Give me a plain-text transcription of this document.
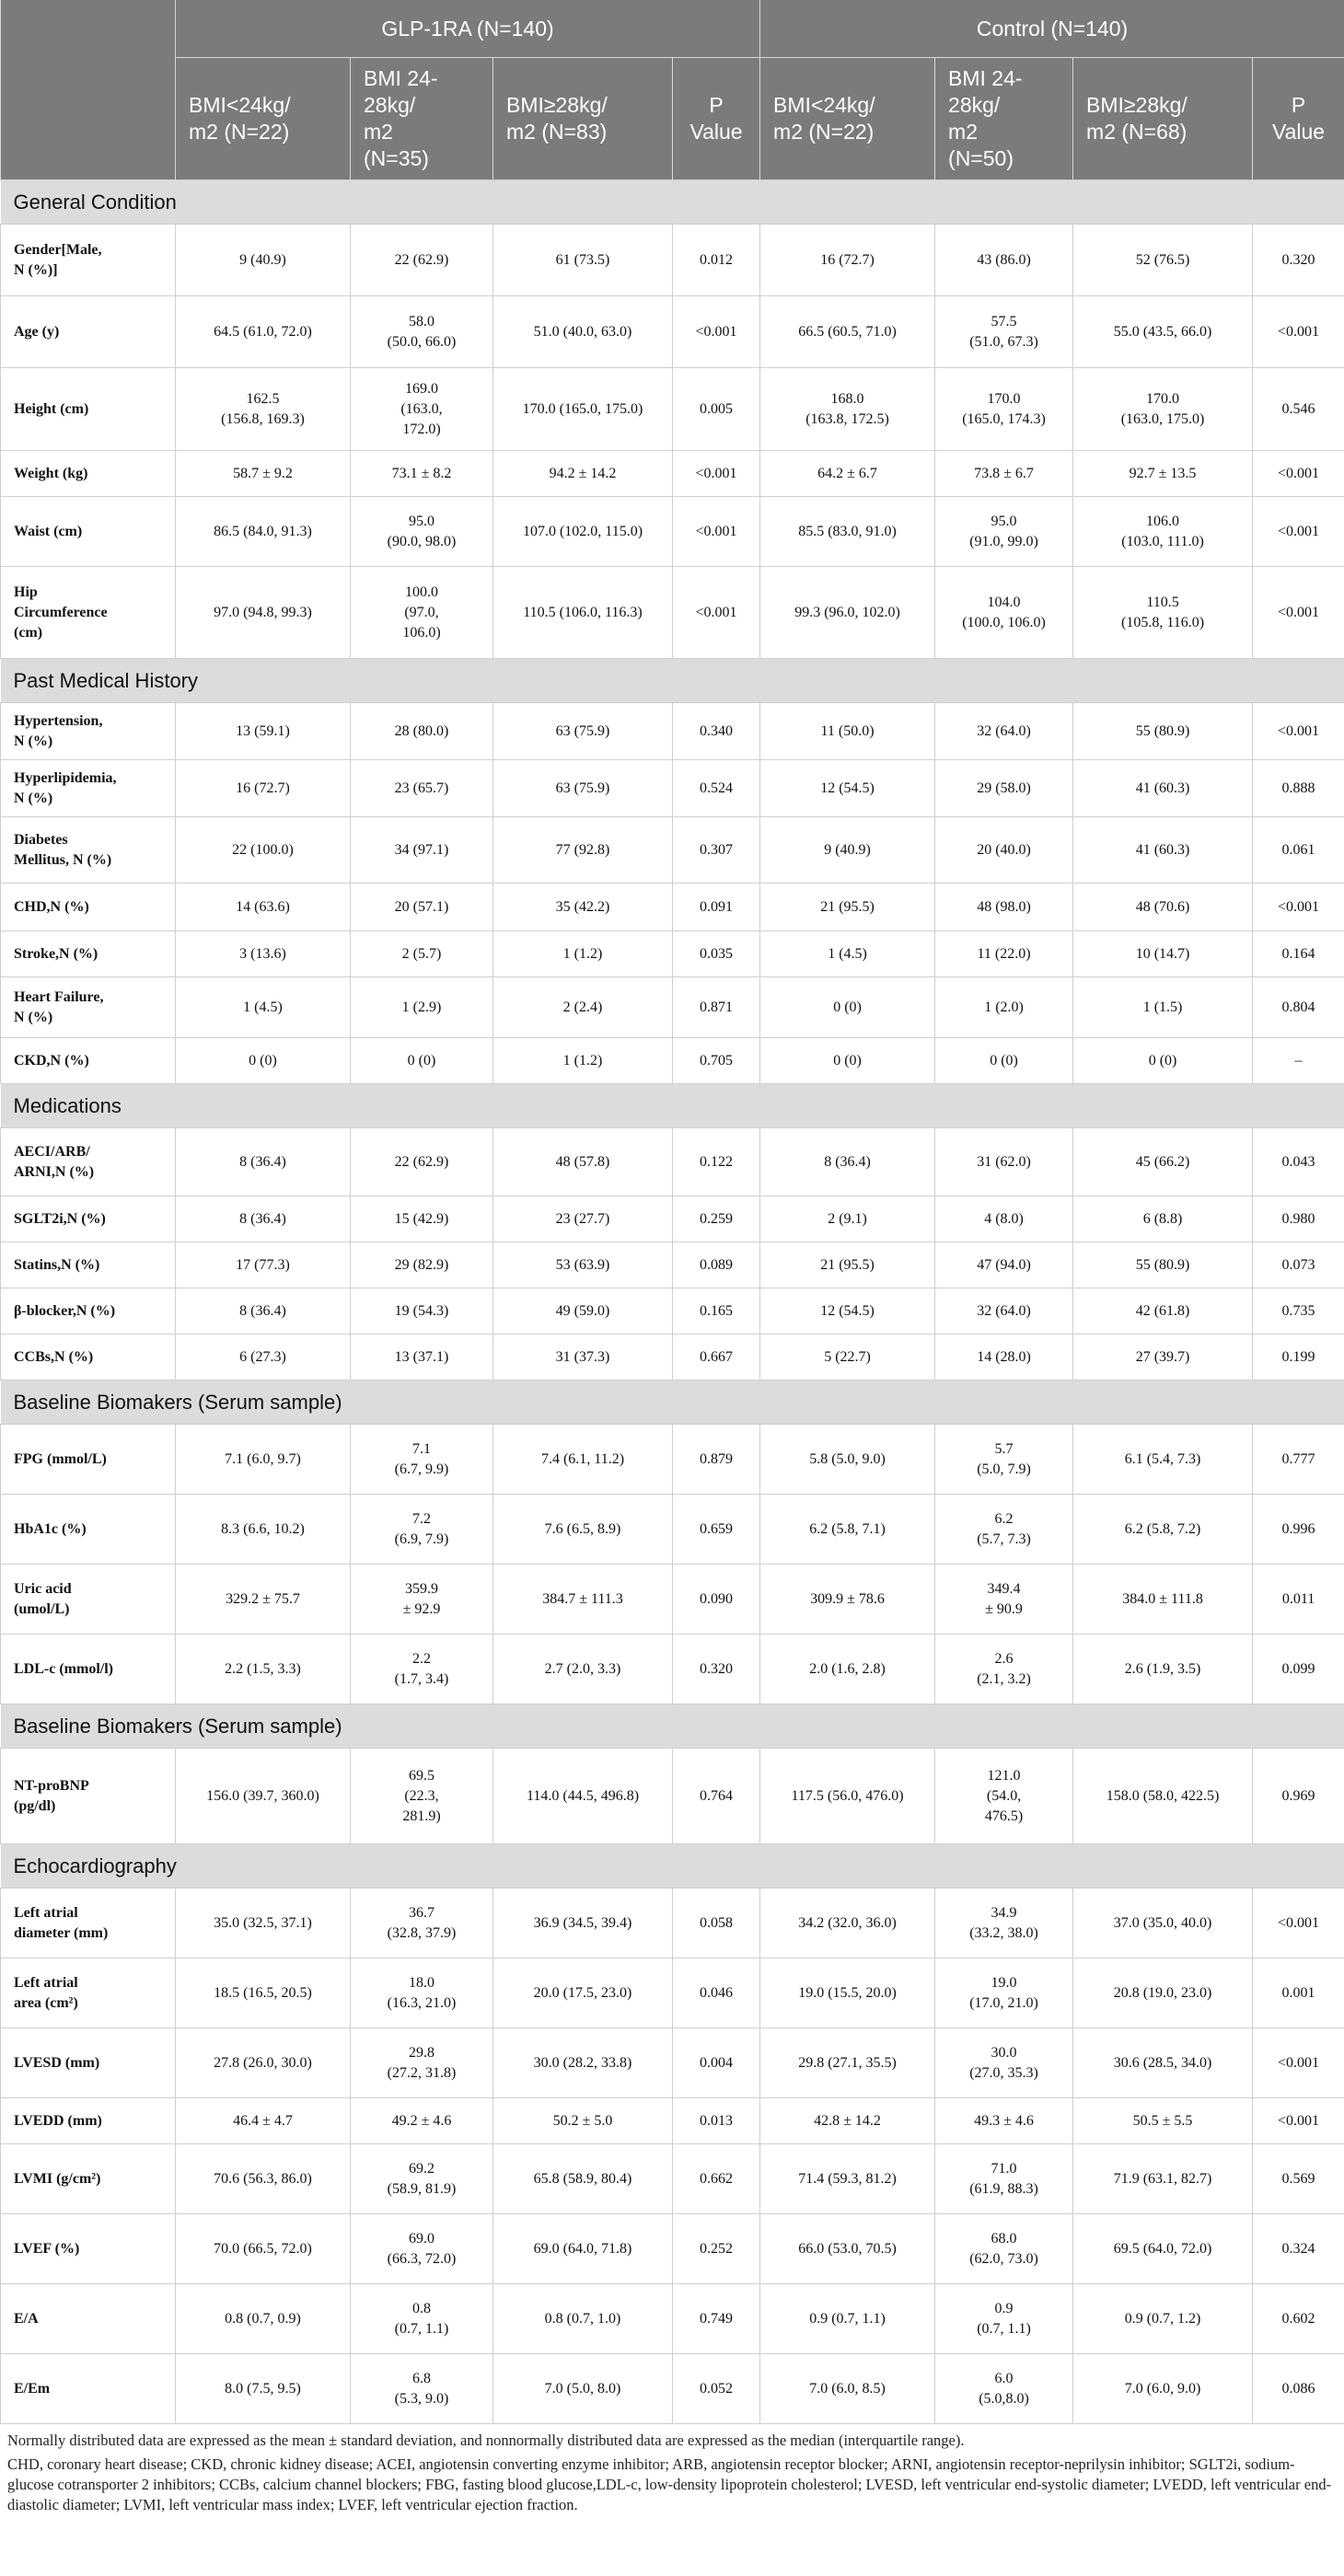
	GLP-1RA (N=140)				Control (N=140)			
	BMI<24kg/
m2 (N=22)	BMI 24-
28kg/
m2
(N=35)	BMI≥28kg/
m2 (N=83)	P
Value	BMI<24kg/
m2 (N=22)	BMI 24-
28kg/
m2
(N=50)	BMI≥28kg/
m2 (N=68)	P
Value
General Condition								
Gender[Male,
N (%)]	9 (40.9)	22 (62.9)	61 (73.5)	0.012	16 (72.7)	43 (86.0)	52 (76.5)	0.320
Age (y)	64.5 (61.0, 72.0)	58.0
(50.0, 66.0)	51.0 (40.0, 63.0)	<0.001	66.5 (60.5, 71.0)	57.5
(51.0, 67.3)	55.0 (43.5, 66.0)	<0.001
Height (cm)	162.5
(156.8, 169.3)	169.0
(163.0,
172.0)	170.0 (165.0, 175.0)	0.005	168.0
(163.8, 172.5)	170.0
(165.0, 174.3)	170.0
(163.0, 175.0)	0.546
Weight (kg)	58.7 ± 9.2	73.1 ± 8.2	94.2 ± 14.2	<0.001	64.2 ± 6.7	73.8 ± 6.7	92.7 ± 13.5	<0.001
Waist (cm)	86.5 (84.0, 91.3)	95.0
(90.0, 98.0)	107.0 (102.0, 115.0)	<0.001	85.5 (83.0, 91.0)	95.0
(91.0, 99.0)	106.0
(103.0, 111.0)	<0.001
Hip
Circumference
(cm)	97.0 (94.8, 99.3)	100.0
(97.0,
106.0)	110.5 (106.0, 116.3)	<0.001	99.3 (96.0, 102.0)	104.0
(100.0, 106.0)	110.5
(105.8, 116.0)	<0.001
Past Medical History								
Hypertension,
N (%)	13 (59.1)	28 (80.0)	63 (75.9)	0.340	11 (50.0)	32 (64.0)	55 (80.9)	<0.001
Hyperlipidemia,
N (%)	16 (72.7)	23 (65.7)	63 (75.9)	0.524	12 (54.5)	29 (58.0)	41 (60.3)	0.888
Diabetes
Mellitus, N (%)	22 (100.0)	34 (97.1)	77 (92.8)	0.307	9 (40.9)	20 (40.0)	41 (60.3)	0.061
CHD,N (%)	14 (63.6)	20 (57.1)	35 (42.2)	0.091	21 (95.5)	48 (98.0)	48 (70.6)	<0.001
Stroke,N (%)	3 (13.6)	2 (5.7)	1 (1.2)	0.035	1 (4.5)	11 (22.0)	10 (14.7)	0.164
Heart Failure,
N (%)	1 (4.5)	1 (2.9)	2 (2.4)	0.871	0 (0)	1 (2.0)	1 (1.5)	0.804
CKD,N (%)	0 (0)	0 (0)	1 (1.2)	0.705	0 (0)	0 (0)	0 (0)	–
Medications								
AECI/ARB/
ARNI,N (%)	8 (36.4)	22 (62.9)	48 (57.8)	0.122	8 (36.4)	31 (62.0)	45 (66.2)	0.043
SGLT2i,N (%)	8 (36.4)	15 (42.9)	23 (27.7)	0.259	2 (9.1)	4 (8.0)	6 (8.8)	0.980
Statins,N (%)	17 (77.3)	29 (82.9)	53 (63.9)	0.089	21 (95.5)	47 (94.0)	55 (80.9)	0.073
β-blocker,N (%)	8 (36.4)	19 (54.3)	49 (59.0)	0.165	12 (54.5)	32 (64.0)	42 (61.8)	0.735
CCBs,N (%)	6 (27.3)	13 (37.1)	31 (37.3)	0.667	5 (22.7)	14 (28.0)	27 (39.7)	0.199
Baseline Biomakers (Serum sample)								
FPG (mmol/L)	7.1 (6.0, 9.7)	7.1
(6.7, 9.9)	7.4 (6.1, 11.2)	0.879	5.8 (5.0, 9.0)	5.7
(5.0, 7.9)	6.1 (5.4, 7.3)	0.777
HbA1c (%)	8.3 (6.6, 10.2)	7.2
(6.9, 7.9)	7.6 (6.5, 8.9)	0.659	6.2 (5.8, 7.1)	6.2
(5.7, 7.3)	6.2 (5.8, 7.2)	0.996
Uric acid
(umol/L)	329.2 ± 75.7	359.9
± 92.9	384.7 ± 111.3	0.090	309.9 ± 78.6	349.4
± 90.9	384.0 ± 111.8	0.011
LDL-c (mmol/l)	2.2 (1.5, 3.3)	2.2
(1.7, 3.4)	2.7 (2.0, 3.3)	0.320	2.0 (1.6, 2.8)	2.6
(2.1, 3.2)	2.6 (1.9, 3.5)	0.099
Baseline Biomakers (Serum sample)								
NT-proBNP
(pg/dl)	156.0 (39.7, 360.0)	69.5
(22.3,
281.9)	114.0 (44.5, 496.8)	0.764	117.5 (56.0, 476.0)	121.0
(54.0,
476.5)	158.0 (58.0, 422.5)	0.969
Echocardiography								
Left atrial
diameter (mm)	35.0 (32.5, 37.1)	36.7
(32.8, 37.9)	36.9 (34.5, 39.4)	0.058	34.2 (32.0, 36.0)	34.9
(33.2, 38.0)	37.0 (35.0, 40.0)	<0.001
Left atrial
area (cm²)	18.5 (16.5, 20.5)	18.0
(16.3, 21.0)	20.0 (17.5, 23.0)	0.046	19.0 (15.5, 20.0)	19.0
(17.0, 21.0)	20.8 (19.0, 23.0)	0.001
LVESD (mm)	27.8 (26.0, 30.0)	29.8
(27.2, 31.8)	30.0 (28.2, 33.8)	0.004	29.8 (27.1, 35.5)	30.0
(27.0, 35.3)	30.6 (28.5, 34.0)	<0.001
LVEDD (mm)	46.4 ± 4.7	49.2 ± 4.6	50.2 ± 5.0	0.013	42.8 ± 14.2	49.3 ± 4.6	50.5 ± 5.5	<0.001
LVMI (g/cm²)	70.6 (56.3, 86.0)	69.2
(58.9, 81.9)	65.8 (58.9, 80.4)	0.662	71.4 (59.3, 81.2)	71.0
(61.9, 88.3)	71.9 (63.1, 82.7)	0.569
LVEF (%)	70.0 (66.5, 72.0)	69.0
(66.3, 72.0)	69.0 (64.0, 71.8)	0.252	66.0 (53.0, 70.5)	68.0
(62.0, 73.0)	69.5 (64.0, 72.0)	0.324
E/A	0.8 (0.7, 0.9)	0.8
(0.7, 1.1)	0.8 (0.7, 1.0)	0.749	0.9 (0.7, 1.1)	0.9
(0.7, 1.1)	0.9 (0.7, 1.2)	0.602
E/Em	8.0 (7.5, 9.5)	6.8
(5.3, 9.0)	7.0 (5.0, 8.0)	0.052	7.0 (6.0, 8.5)	6.0
(5.0,8.0)	7.0 (6.0, 9.0)	0.086
Normally distributed data are expressed as the mean ± standard deviation, and nonnormally distributed data are expressed as the median (interquartile range).
CHD, coronary heart disease; CKD, chronic kidney disease; ACEI, angiotensin converting enzyme inhibitor; ARB, angiotensin receptor blocker; ARNI, angiotensin receptor-neprilysin inhibitor; SGLT2i, sodium-glucose cotransporter 2 inhibitors; CCBs, calcium channel blockers; FBG, fasting blood glucose,LDL-c, low-density lipoprotein cholesterol; LVESD, left ventricular end-systolic diameter; LVEDD, left ventricular end-diastolic diameter; LVMI, left ventricular mass index; LVEF, left ventricular ejection fraction.
